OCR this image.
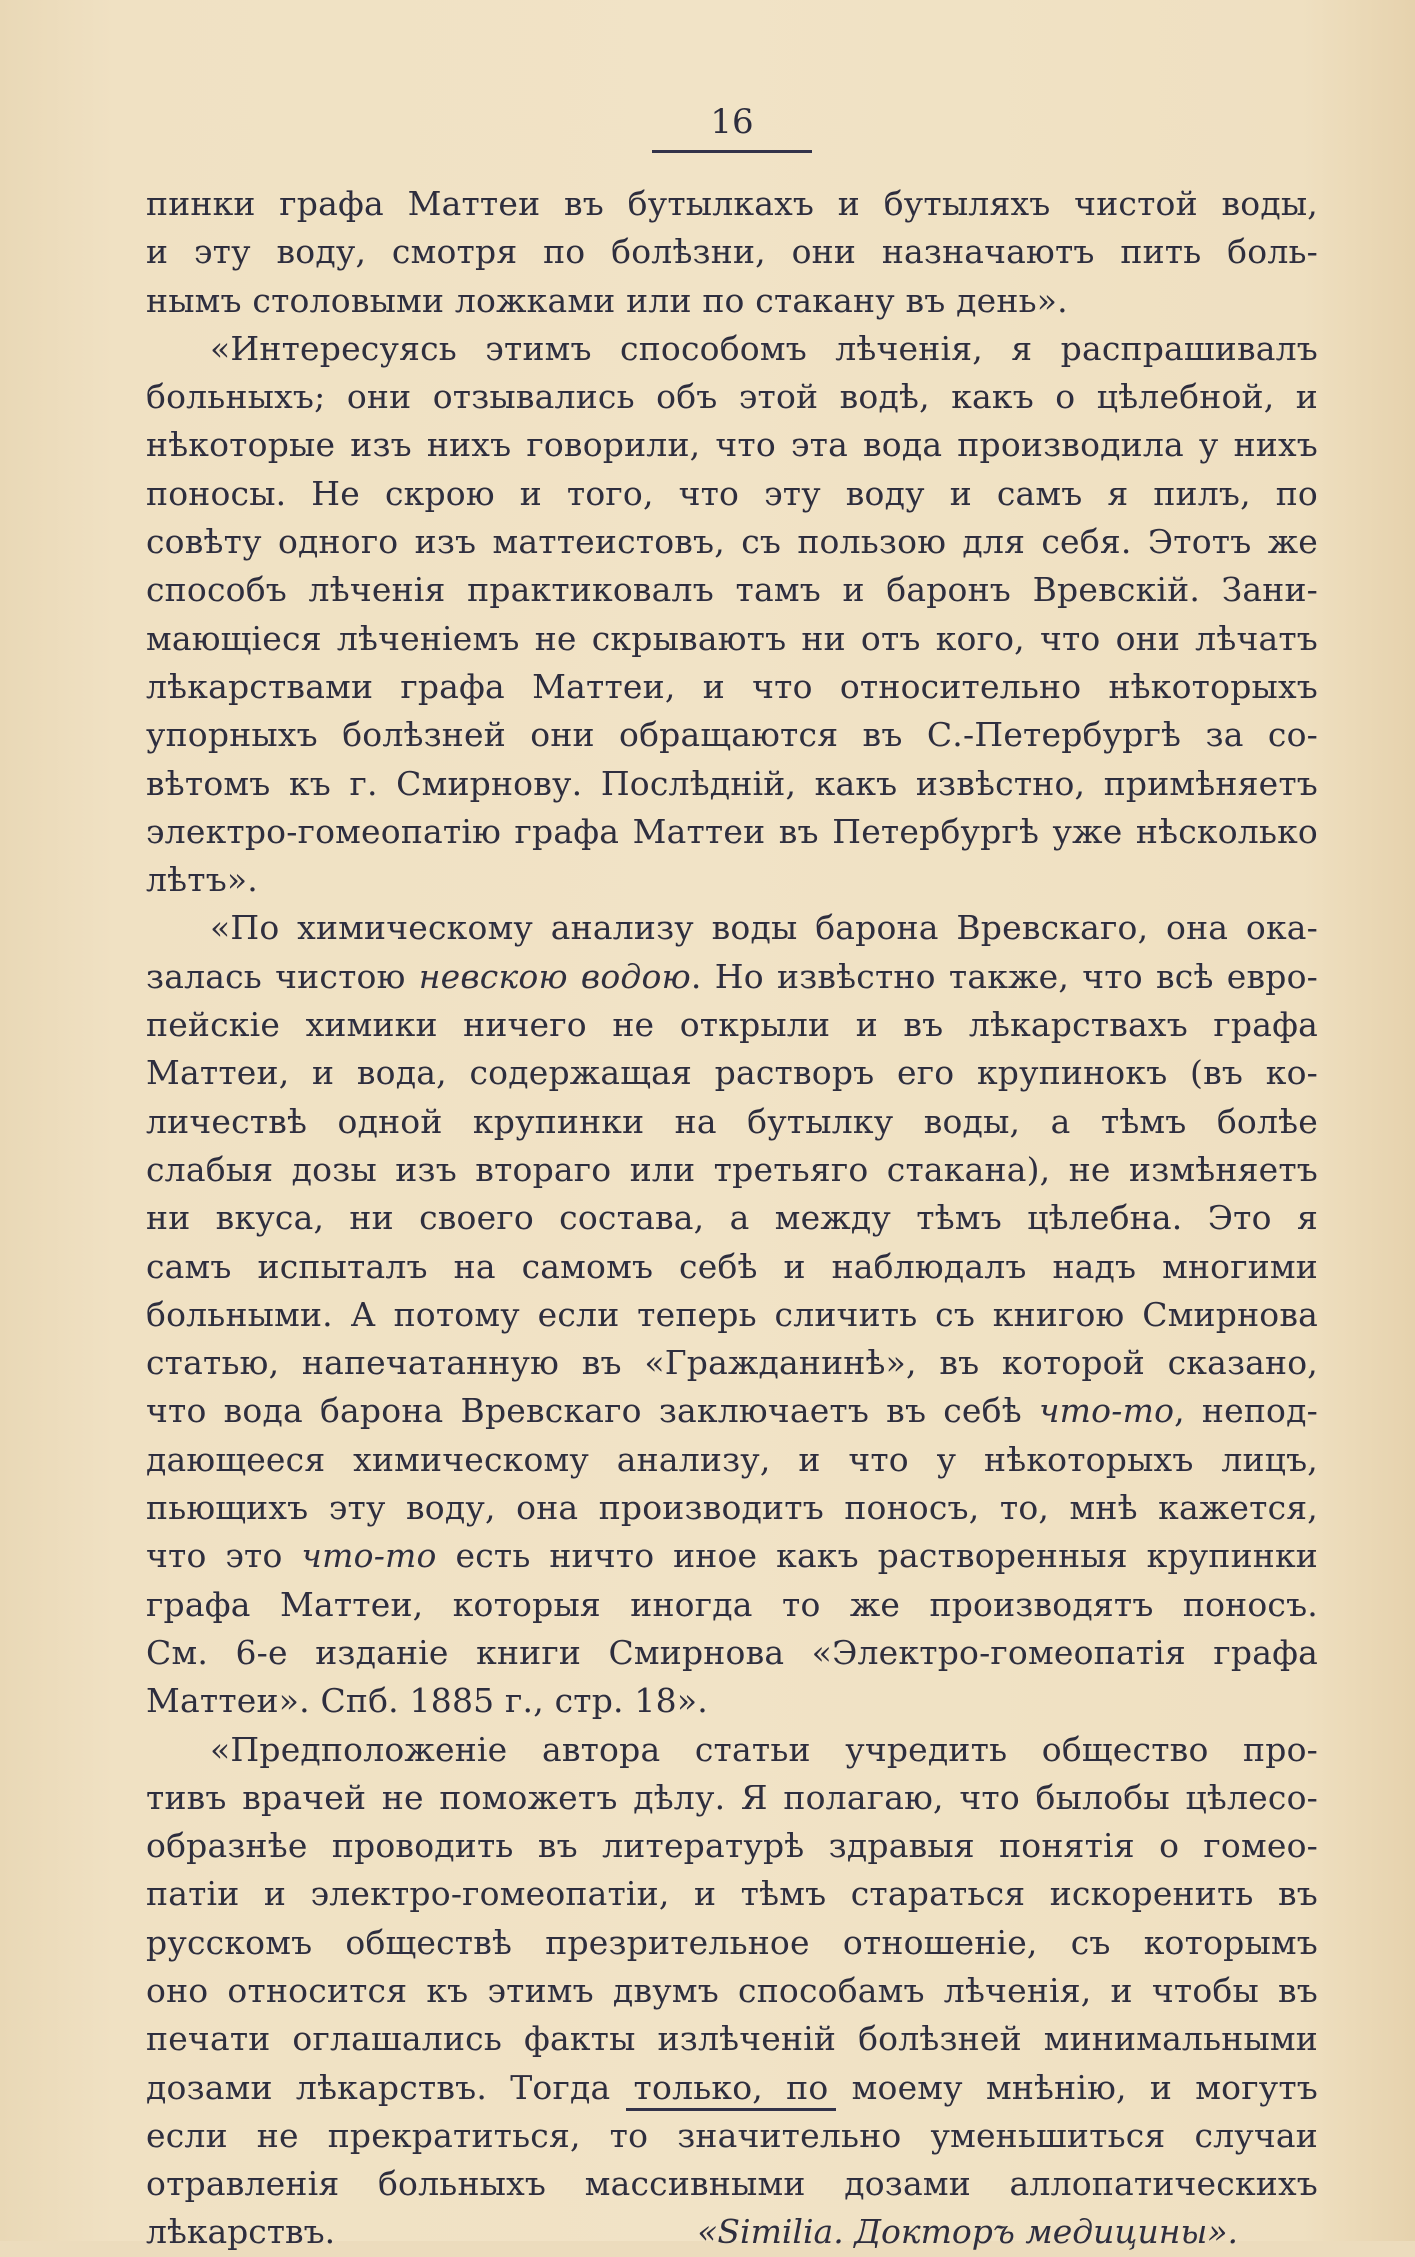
16
пинки графа Маттеи въ бутылкахъ и бутыляхъ чистой воды,
и эту воду, смотря по болѣзни, они назначаютъ пить боль-
нымъ столовыми ложками или по стакану въ день».
«Интересуясь этимъ способомъ лѣченія, я распрашивалъ
больныхъ; они отзывались объ этой водѣ, какъ о цѣлебной, и
нѣкоторые изъ нихъ говорили, что эта вода производила у нихъ
поносы. Не скрою и того, что эту воду и самъ я пилъ, по
совѣту одного изъ маттеистовъ, съ пользою для себя. Этотъ же
способъ лѣченія практиковалъ тамъ и баронъ Вревскій. Зани-
мающіеся лѣченіемъ не скрываютъ ни отъ кого, что они лѣчатъ
лѣкарствами графа Маттеи, и что относительно нѣкоторыхъ
упорныхъ болѣзней они обращаются въ С.-Петербургѣ за со-
вѣтомъ къ г. Смирнову. Послѣдній, какъ извѣстно, примѣняетъ
электро-гомеопатію графа Маттеи въ Петербургѣ уже нѣсколько
лѣтъ».
«По химическому анализу воды барона Вревскаго, она ока-
залась чистою невскою водою. Но извѣстно также, что всѣ евро-
пейскіе химики ничего не открыли и въ лѣкарствахъ графа
Маттеи, и вода, содержащая растворъ его крупинокъ (въ ко-
личествѣ одной крупинки на бутылку воды, а тѣмъ болѣе
слабыя дозы изъ втораго или третьяго стакана), не измѣняетъ
ни вкуса, ни своего состава, а между тѣмъ цѣлебна. Это я
самъ испыталъ на самомъ себѣ и наблюдалъ надъ многими
больными. А потому если теперь сличить съ книгою Смирнова
статью, напечатанную въ «Гражданинѣ», въ которой сказано,
что вода барона Вревскаго заключаетъ въ себѣ что-то, непод-
дающееся химическому анализу, и что у нѣкоторыхъ лицъ,
пьющихъ эту воду, она производитъ поносъ, то, мнѣ кажется,
что это что-то есть ничто иное какъ растворенныя крупинки
графа Маттеи, которыя иногда то же производятъ поносъ.
См. 6-е изданіе книги Смирнова «Электро-гомеопатія графа
Маттеи». Спб. 1885 г., стр. 18».
«Предположеніе автора статьи учредить общество про-
тивъ врачей не поможетъ дѣлу. Я полагаю, что былобы цѣлесо-
образнѣе проводить въ литературѣ здравыя понятія о гомео-
патіи и электро-гомеопатіи, и тѣмъ стараться искоренить въ
русскомъ обществѣ презрительное отношеніе, съ которымъ
оно относится къ этимъ двумъ способамъ лѣченія, и чтобы въ
печати оглашались факты излѣченій болѣзней минимальными
дозами лѣкарствъ. Тогда только, по моему мнѣнію, и могутъ
если не прекратиться, то значительно уменьшиться случаи
отравленія больныхъ массивными дозами аллопатическихъ
лѣкарствъ.	«Similia. Докторъ медицины».
